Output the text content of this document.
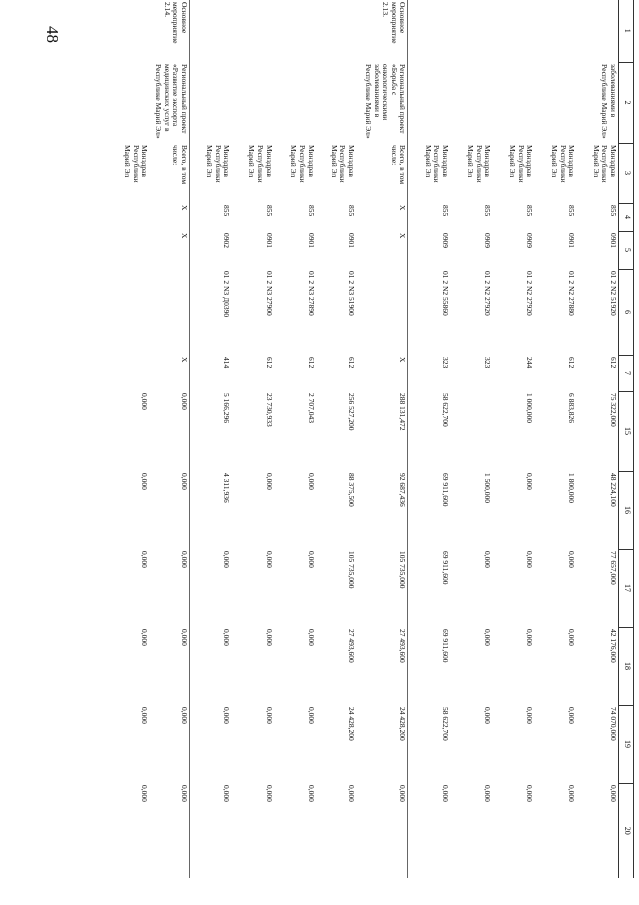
48	1	2	3	4	5	6	7	15	16	17	18	19	20
	заболеваниями в Республике Марий Эл»	Минздрав Республики Марий Эл	855	0901	01 2 N2 51920	612	75 322,000	48 224,100	77 657,000	42 176,000	74 070,000	0,000
		Минздрав Республики Марий Эл	855	0901	01 2 N2 27880	612	6 883,826	1 800,000	0,000	0,000	0,000	0,000
		Минздрав Республики Марий Эл	855	0909	01 2 N2 27920	244	1 000,000	0,000	0,000	0,000	0,000	0,000
		Минздрав Республики Марий Эл	855	0909	01 2 N2 27920	323		1 500,000	0,000	0,000	0,000	0,000
		Минздрав Республики Марий Эл	855	0909	01 2 N2 55860	323	58 622,700	69 911,600	69 911,600	69 911,600	58 622,700	0,000
Основное мероприятие 2.13.	Региональный проект «Борьба с онкологическими заболеваниями в Республике Марий Эл»	Всего, в том числе:	X	X		X	288 131,472	92 687,436	105 735,000	27 493,600	24 428,200	0,000
		Минздрав Республики Марий Эл	855	0901	01 2 N3 51900	612	256 527,200	88 375,500	105 735,000	27 493,600	24 428,200	0,000
		Минздрав Республики Марий Эл	855	0901	01 2 N3 27890	612	2 707,043	0,000	0,000	0,000	0,000	0,000
		Минздрав Республики Марий Эл	855	0901	01 2 N3 27900	612	23 730,933	0,000	0,000	0,000	0,000	0,000
		Минздрав Республики Марий Эл	855	0902	01 2 N3 Д0390	414	5 166,296	4 311,936	0,000	0,000	0,000	0,000
Основное мероприятие 2.14.	Региональный проект «Развитие экспорта медицинских услуг в Республике Марий Эл»	Всего, в том числе:	X	X		X	0,000	0,000	0,000	0,000	0,000	0,000
		Минздрав Республики Марий Эл					0,000	0,000	0,000	0,000	0,000	0,000
